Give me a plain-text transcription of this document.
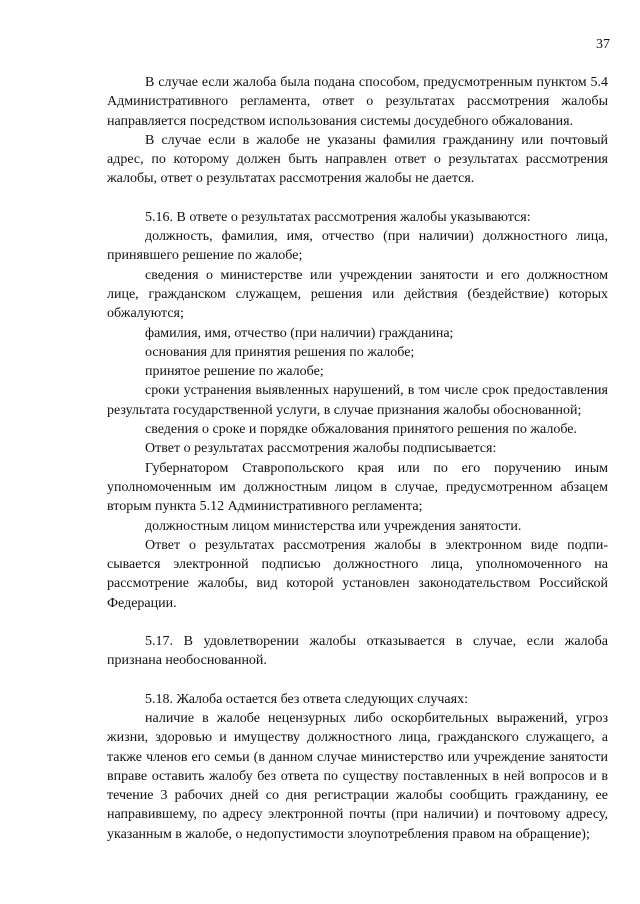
37

В случае если жалоба была подана способом, предусмотренным пунктом 5.4 Административного регламента, ответ о результатах рассмотрения жалобы направляется посредством использования системы досудебного обжалования.

В случае если в жалобе не указаны фамилия гражданину или почтовый адрес, по которому должен быть направлен ответ о результатах рассмотрения жалобы, ответ о результатах рассмотрения жалобы не дается.

5.16. В ответе о результатах рассмотрения жалобы указываются:

должность, фамилия, имя, отчество (при наличии) должностного лица, принявшего решение по жалобе;

сведения о министерстве или учреждении занятости и его должностном лице, гражданском служащем, решения или действия (бездействие) которых обжалуются;

фамилия, имя, отчество (при наличии) гражданина;

основания для принятия решения по жалобе;

принятое решение по жалобе;

сроки устранения выявленных нарушений, в том числе срок предоставления результата государственной услуги, в случае признания жалобы обоснованной;

сведения о сроке и порядке обжалования принятого решения по жалобе.

Ответ о результатах рассмотрения жалобы подписывается:

Губернатором Ставропольского края или по его поручению иным уполномоченным им должностным лицом в случае, предусмотренном абзацем вторым пункта 5.12 Административного регламента;

должностным лицом министерства или учреждения занятости.

Ответ о результатах рассмотрения жалобы в электронном виде подписывается электронной подписью должностного лица, уполномоченного на рассмотрение жалобы, вид которой установлен законодательством Российской Федерации.

5.17. В удовлетворении жалобы отказывается в случае, если жалоба признана необоснованной.

5.18. Жалоба остается без ответа следующих случаях:

наличие в жалобе нецензурных либо оскорбительных выражений, угроз жизни, здоровью и имуществу должностного лица, гражданского служащего, а также членов его семьи (в данном случае министерство или учреждение занятости вправе оставить жалобу без ответа по существу поставленных в ней вопросов и в течение 3 рабочих дней со дня регистрации жалобы сообщить гражданину, ее направившему, по адресу электронной почты (при наличии) и почтовому адресу, указанным в жалобе, о недопустимости злоупотребления правом на обращение);
